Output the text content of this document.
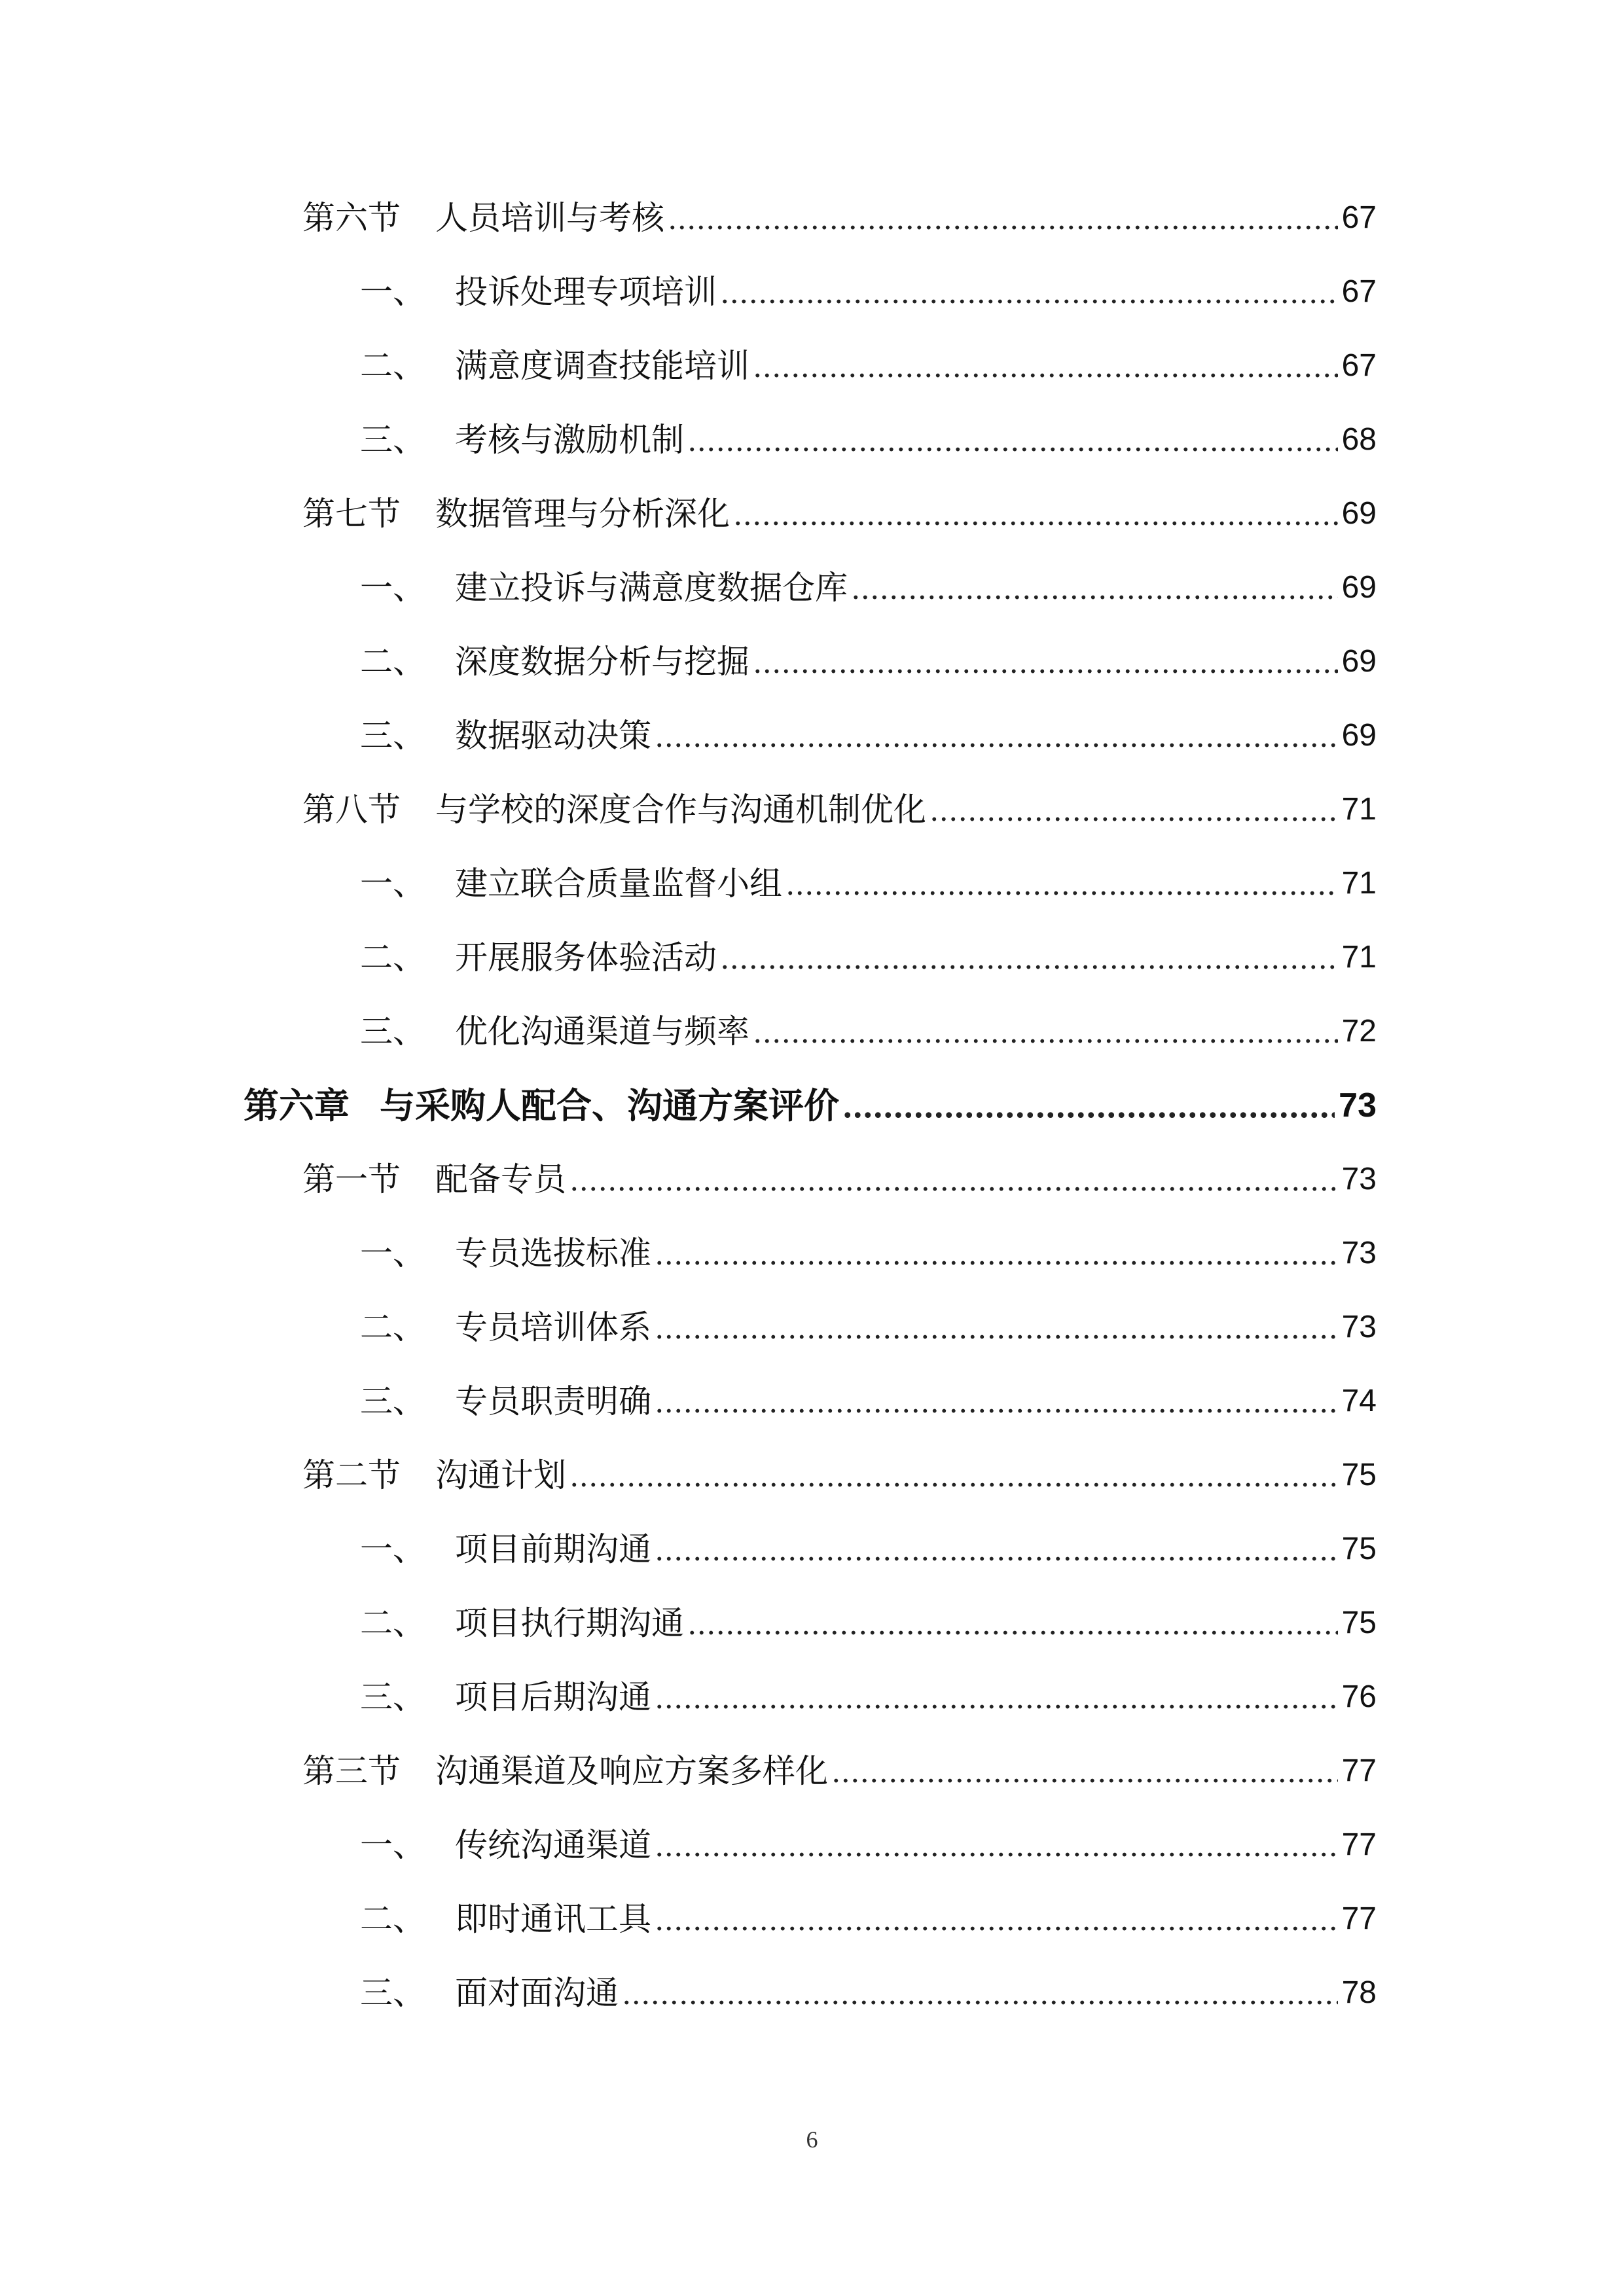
第六节	人员培训与考核 .....	67
一、 投诉处理专项培训 .....	67
二、 满意度调查技能培训 .....	67
三、 考核与激励机制 .....	68
第七节	数据管理与分析深化 .....	69
一、 建立投诉与满意度数据仓库 .....	69
二、 深度数据分析与挖掘 .....	69
三、 数据驱动决策 .....	69
第八节	与学校的深度合作与沟通机制优化 .....	71
一、 建立联合质量监督小组 .....	71
二、 开展服务体验活动 .....	71
三、 优化沟通渠道与频率 .....	72
第六章 与采购人配合、沟通方案评价 .....	73
第一节	配备专员 .....	73
一、 专员选拔标准 .....	73
二、 专员培训体系 .....	73
三、 专员职责明确 .....	74
第二节	沟通计划 .....	75
一、 项目前期沟通 .....	75
二、 项目执行期沟通 .....	75
三、 项目后期沟通 .....	76
第三节	沟通渠道及响应方案多样化 .....	77
一、 传统沟通渠道 .....	77
二、 即时通讯工具 .....	77
三、 面对面沟通 .....	78
6
